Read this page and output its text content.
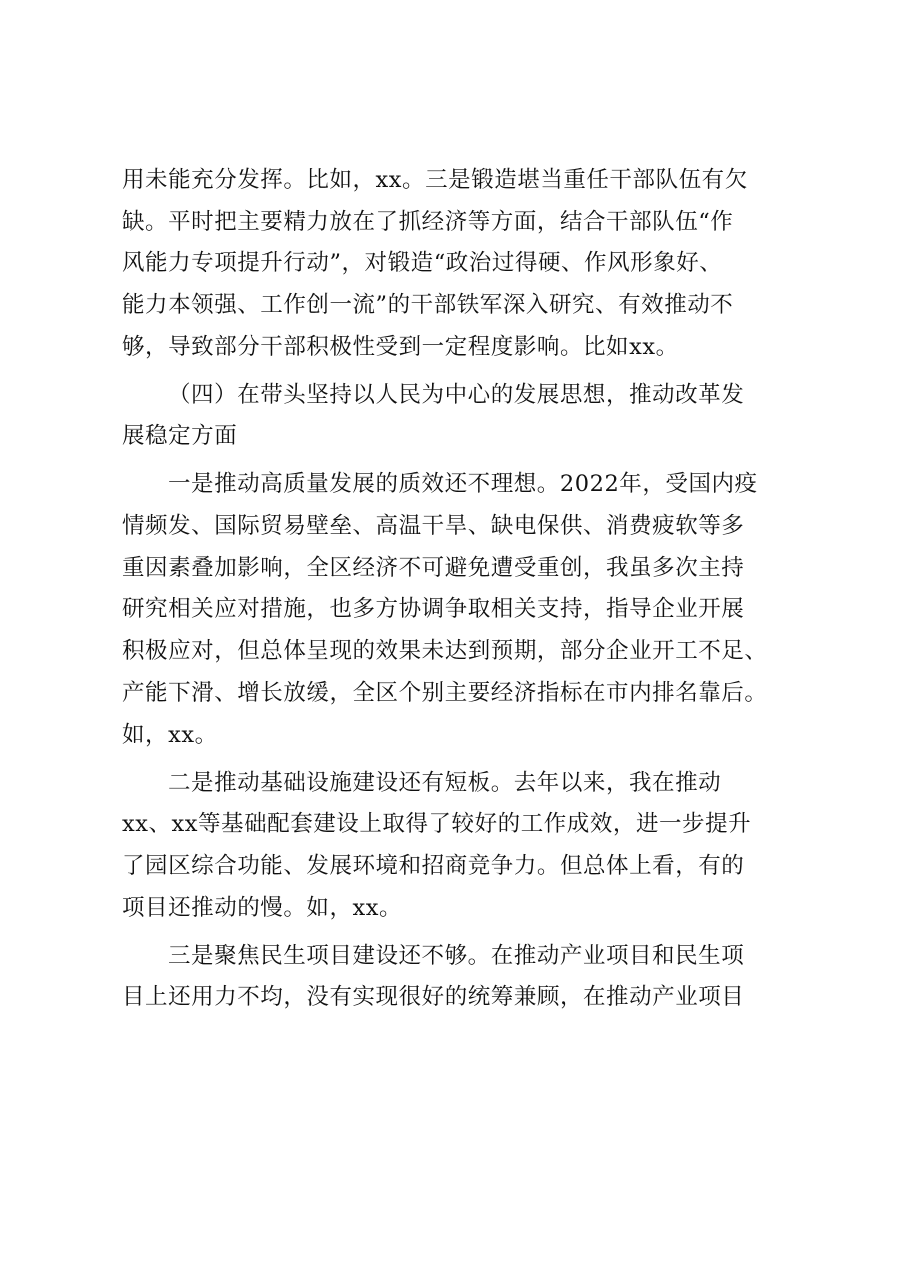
用未能充分发挥。比如，xx。三是锻造堪当重任干部队伍有欠
缺。平时把主要精力放在了抓经济等方面，结合干部队伍“作
风能力专项提升行动”，对锻造“政治过得硬、作风形象好、
能力本领强、工作创一流”的干部铁军深入研究、有效推动不
够，导致部分干部积极性受到一定程度影响。比如xx。
（四）在带头坚持以人民为中心的发展思想，推动改革发
展稳定方面
一是推动高质量发展的质效还不理想。2022年，受国内疫
情频发、国际贸易壁垒、高温干旱、缺电保供、消费疲软等多
重因素叠加影响，全区经济不可避免遭受重创，我虽多次主持
研究相关应对措施，也多方协调争取相关支持，指导企业开展
积极应对，但总体呈现的效果未达到预期，部分企业开工不足、
产能下滑、增长放缓，全区个别主要经济指标在市内排名靠后。
如，xx。
二是推动基础设施建设还有短板。去年以来，我在推动
xx、xx等基础配套建设上取得了较好的工作成效，进一步提升
了园区综合功能、发展环境和招商竞争力。但总体上看，有的
项目还推动的慢。如，xx。
三是聚焦民生项目建设还不够。在推动产业项目和民生项
目上还用力不均，没有实现很好的统筹兼顾，在推动产业项目
